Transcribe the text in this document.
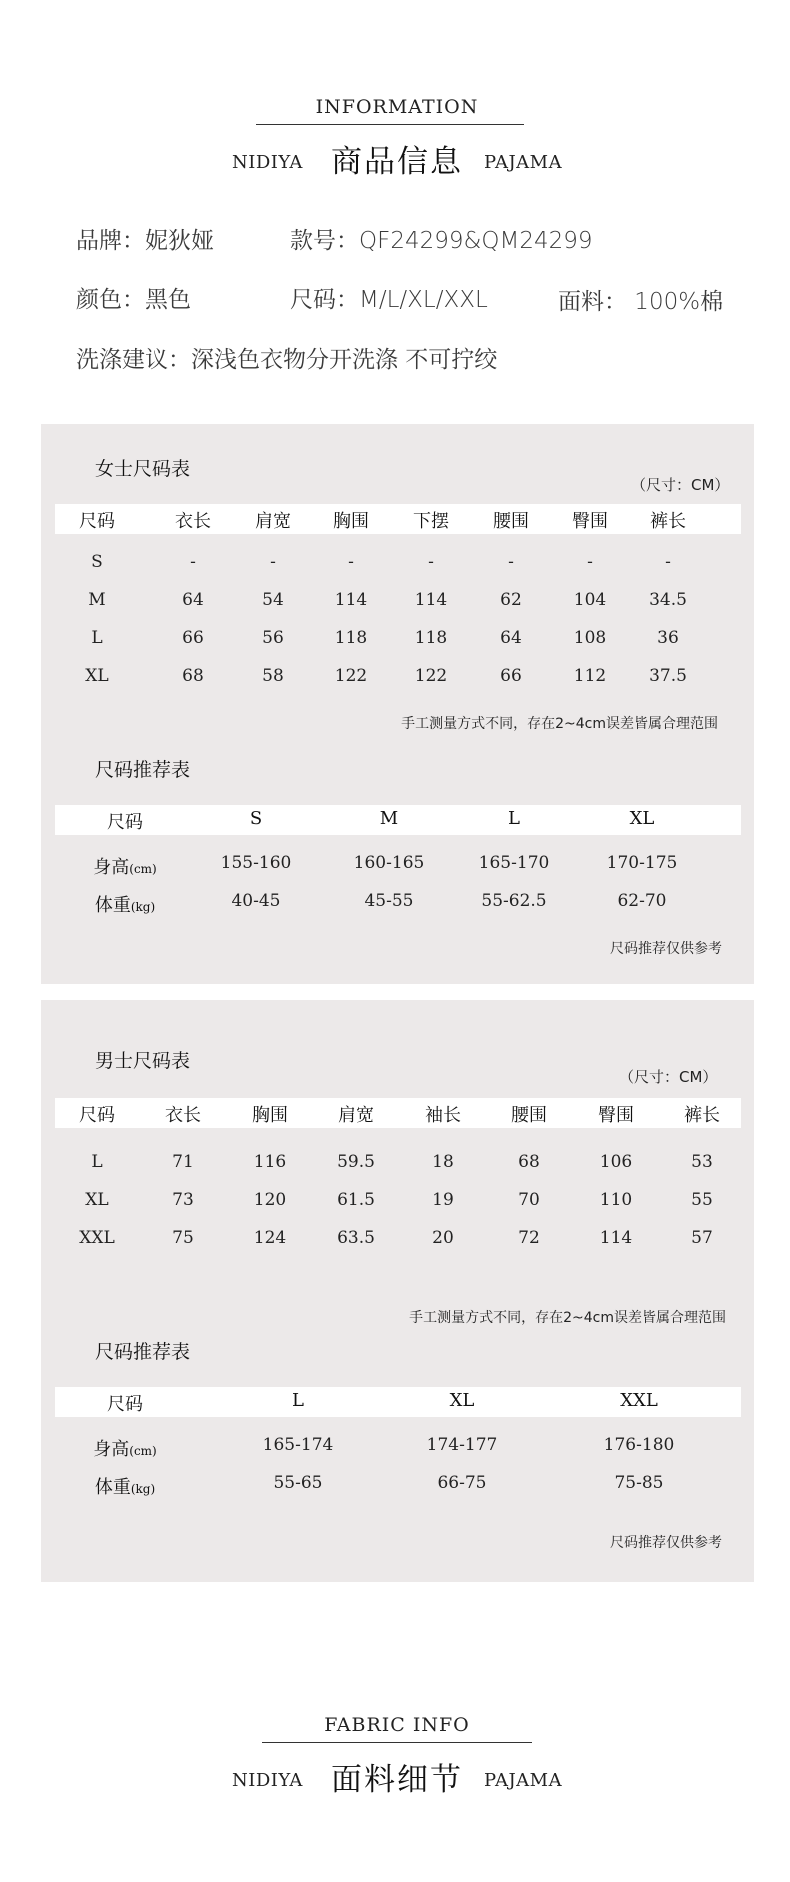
INFORMATION
NIDIYA 商品信息 PAJAMA
品牌：妮狄娅	款号：QF24299&QM24299
颜色：黑色	尺码：M/L/XL/XXL	面料： 100%棉
洗涤建议：深浅色衣物分开洗涤 不可拧绞
女士尺码表
（尺寸：CM）
尺码	衣长 肩宽 胸围 下摆 腰围 臀围 裤长
S	-	-	-	-	-	-	-
M	64	54	114	114	62	104	34.5
L	66	56	118	118	64	108	36
XL	68	58	122	122	66	112	37.5
手工测量方式不同，存在2~4cm误差皆属合理范围
尺码推荐表
尺码	S	M	L	XL
身高(cm)	155-160	160-165	165-170	170-175
体重(kg)	40-45	45-55	55-62.5	62-70
尺码推荐仅供参考
男士尺码表
（尺寸：CM）
尺码	衣长	胸围	肩宽	袖长	腰围	臀围	裤长
L	71	116	59.5	18	68	106	53
XL	73	120	61.5	19	70	110	55
XXL	75	124	63.5	20	72	114	57
手工测量方式不同，存在2~4cm误差皆属合理范围
尺码推荐表
尺码	L	XL	XXL
身高(cm)	165-174	174-177	176-180
体重(kg)	55-65	66-75	75-85
尺码推荐仅供参考
FABRIC INFO
NIDIYA 面料细节 PAJAMA
